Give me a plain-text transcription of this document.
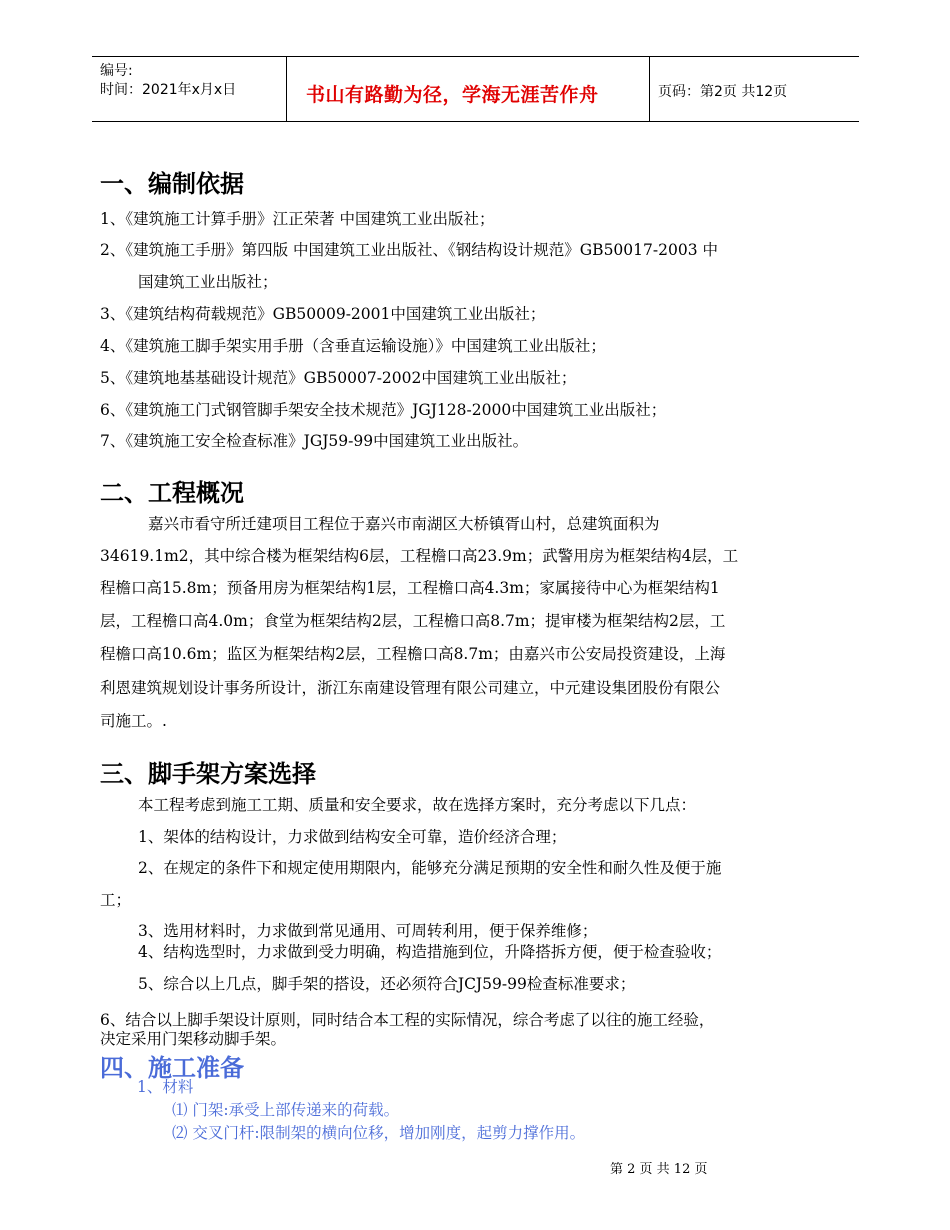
编号:
时间：2021年x月x日	书山有路勤为径，学海无涯苦作舟	页码：第2页 共12页
一、编制依据
1、《建筑施工计算手册》江正荣著 中国建筑工业出版社；
2、《建筑施工手册》第四版 中国建筑工业出版社、《钢结构设计规范》GB50017-2003 中
国建筑工业出版社；
3、《建筑结构荷载规范》GB50009-2001中国建筑工业出版社；
4、《建筑施工脚手架实用手册（含垂直运输设施）》中国建筑工业出版社；
5、《建筑地基基础设计规范》GB50007-2002中国建筑工业出版社；
6、《建筑施工门式钢管脚手架安全技术规范》JGJ128-2000中国建筑工业出版社；
7、《建筑施工安全检查标准》JGJ59-99中国建筑工业出版社。
二、工程概况
嘉兴市看守所迁建项目工程位于嘉兴市南湖区大桥镇胥山村，总建筑面积为
34619.1m2，其中综合楼为框架结构6层，工程檐口高23.9m；武警用房为框架结构4层，工
程檐口高15.8m；预备用房为框架结构1层，工程檐口高4.3m；家属接待中心为框架结构1
层，工程檐口高4.0m；食堂为框架结构2层，工程檐口高8.7m；提审楼为框架结构2层，工
程檐口高10.6m；监区为框架结构2层，工程檐口高8.7m；由嘉兴市公安局投资建设，上海
利恩建筑规划设计事务所设计，浙江东南建设管理有限公司建立，中元建设集团股份有限公
司施工。.
三、脚手架方案选择
本工程考虑到施工工期、质量和安全要求，故在选择方案时，充分考虑以下几点：
1、架体的结构设计，力求做到结构安全可靠，造价经济合理；
2、在规定的条件下和规定使用期限内，能够充分满足预期的安全性和耐久性及便于施
工；
3、选用材料时，力求做到常见通用、可周转利用，便于保养维修；
4、结构选型时，力求做到受力明确，构造措施到位，升降搭拆方便，便于检查验收；
5、综合以上几点，脚手架的搭设，还必须符合JCJ59-99检查标准要求；
6、结合以上脚手架设计原则，同时结合本工程的实际情况，综合考虑了以往的施工经验，
决定采用门架移动脚手架。
四、施工准备
1、材料
⑴ 门架:承受上部传递来的荷载。
⑵ 交叉门杆:限制架的横向位移，增加刚度，起剪力撑作用。
第 2 页 共 12 页
